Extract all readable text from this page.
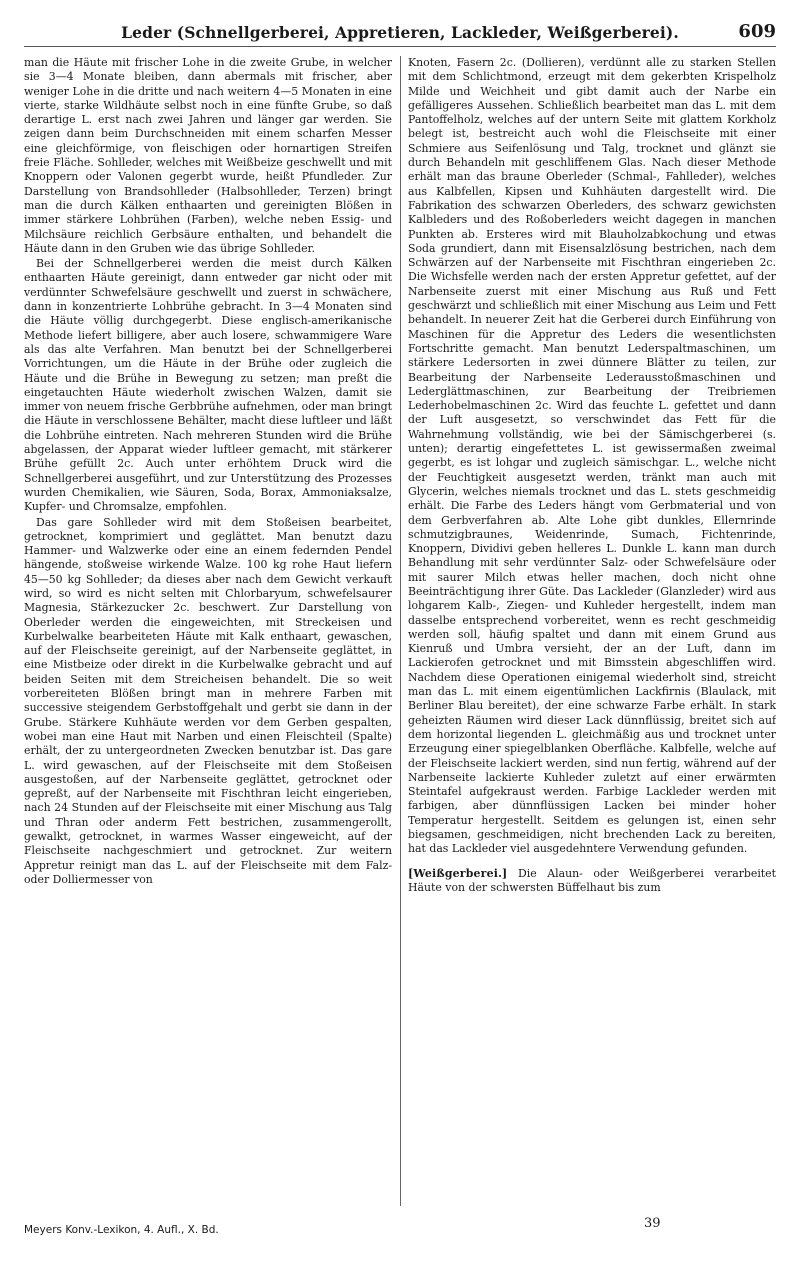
Leder (Schnellgerberei, Appretieren, Lackleder, Weißgerberei).	609

man die Häute mit frischer Lohe in die zweite Grube, in welcher sie 3—4 Monate bleiben, dann abermals mit frischer, aber weniger Lohe in die dritte und nach weitern 4—5 Monaten in eine vierte, starke Wildhäute selbst noch in eine fünfte Grube, so daß derartige L. erst nach zwei Jahren und länger gar werden. Sie zeigen dann beim Durchschneiden mit einem scharfen Messer eine gleichförmige, von fleischigen oder hornartigen Streifen freie Fläche. Sohlleder, welches mit Weißbeize geschwellt und mit Knoppern oder Valonen gegerbt wurde, heißt Pfundleder. Zur Darstellung von Brandsohlleder (Halbsohlleder, Terzen) bringt man die durch Kälken enthaarten und gereinigten Blößen in immer stärkere Lohbrühen (Farben), welche neben Essig- und Milchsäure reichlich Gerbsäure enthalten, und behandelt die Häute dann in den Gruben wie das übrige Sohlleder.

Bei der Schnellgerberei werden die meist durch Kälken enthaarten Häute gereinigt, dann entweder gar nicht oder mit verdünnter Schwefelsäure geschwellt und zuerst in schwächere, dann in konzentrierte Lohbrühe gebracht. In 3—4 Monaten sind die Häute völlig durchgegerbt. Diese englisch-amerikanische Methode liefert billigere, aber auch losere, schwammigere Ware als das alte Verfahren. Man benutzt bei der Schnellgerberei Vorrichtungen, um die Häute in der Brühe oder zugleich die Häute und die Brühe in Bewegung zu setzen; man preßt die eingetauchten Häute wiederholt zwischen Walzen, damit sie immer von neuem frische Gerbbrühe aufnehmen, oder man bringt die Häute in verschlossene Behälter, macht diese luftleer und läßt die Lohbrühe eintreten. Nach mehreren Stunden wird die Brühe abgelassen, der Apparat wieder luftleer gemacht, mit stärkerer Brühe gefüllt 2c. Auch unter erhöhtem Druck wird die Schnellgerberei ausgeführt, und zur Unterstützung des Prozesses wurden Chemikalien, wie Säuren, Soda, Borax, Ammoniaksalze, Kupfer- und Chromsalze, empfohlen.

Das gare Sohlleder wird mit dem Stoßeisen bearbeitet, getrocknet, komprimiert und geglättet. Man benutzt dazu Hammer- und Walzwerke oder eine an einem federnden Pendel hängende, stoßweise wirkende Walze. 100 kg rohe Haut liefern 45—50 kg Sohlleder; da dieses aber nach dem Gewicht verkauft wird, so wird es nicht selten mit Chlorbaryum, schwefelsaurer Magnesia, Stärkezucker 2c. beschwert. Zur Darstellung von Oberleder werden die eingeweichten, mit Streckeisen und Kurbelwalke bearbeiteten Häute mit Kalk enthaart, gewaschen, auf der Fleischseite gereinigt, auf der Narbenseite geglättet, in eine Mistbeize oder direkt in die Kurbelwalke gebracht und auf beiden Seiten mit dem Streicheisen behandelt. Die so weit vorbereiteten Blößen bringt man in mehrere Farben mit successive steigendem Gerbstoffgehalt und gerbt sie dann in der Grube. Stärkere Kuhhäute werden vor dem Gerben gespalten, wobei man eine Haut mit Narben und einen Fleischteil (Spalte) erhält, der zu untergeordneten Zwecken benutzbar ist. Das gare L. wird gewaschen, auf der Fleischseite mit dem Stoßeisen ausgestoßen, auf der Narbenseite geglättet, getrocknet oder gepreßt, auf der Narbenseite mit Fischthran leicht eingerieben, nach 24 Stunden auf der Fleischseite mit einer Mischung aus Talg und Thran oder anderm Fett bestrichen, zusammengerollt, gewalkt, getrocknet, in warmes Wasser eingeweicht, auf der Fleischseite nachgeschmiert und getrocknet. Zur weitern Appretur reinigt man das L. auf der Fleischseite mit dem Falz- oder Dolliermesser von

Knoten, Fasern 2c. (Dollieren), verdünnt alle zu starken Stellen mit dem Schlichtmond, erzeugt mit dem gekerbten Krispelholz Milde und Weichheit und gibt damit auch der Narbe ein gefälligeres Aussehen. Schließlich bearbeitet man das L. mit dem Pantoffelholz, welches auf der untern Seite mit glattem Korkholz belegt ist, bestreicht auch wohl die Fleischseite mit einer Schmiere aus Seifenlösung und Talg, trocknet und glänzt sie durch Behandeln mit geschliffenem Glas. Nach dieser Methode erhält man das braune Oberleder (Schmal-, Fahlleder), welches aus Kalbfellen, Kipsen und Kuhhäuten dargestellt wird. Die Fabrikation des schwarzen Oberleders, des schwarz gewichsten Kalbleders und des Roßoberleders weicht dagegen in manchen Punkten ab. Ersteres wird mit Blauholzabkochung und etwas Soda grundiert, dann mit Eisensalzlösung bestrichen, nach dem Schwärzen auf der Narbenseite mit Fischthran eingerieben 2c. Die Wichsfelle werden nach der ersten Appretur gefettet, auf der Narbenseite zuerst mit einer Mischung aus Ruß und Fett geschwärzt und schließlich mit einer Mischung aus Leim und Fett behandelt. In neuerer Zeit hat die Gerberei durch Einführung von Maschinen für die Appretur des Leders die wesentlichsten Fortschritte gemacht. Man benutzt Lederspaltmaschinen, um stärkere Ledersorten in zwei dünnere Blätter zu teilen, zur Bearbeitung der Narbenseite Lederausstoßmaschinen und Lederglättmaschinen, zur Bearbeitung der Treibriemen Lederhobelmaschinen 2c. Wird das feuchte L. gefettet und dann der Luft ausgesetzt, so verschwindet das Fett für die Wahrnehmung vollständig, wie bei der Sämischgerberei (s. unten); derartig eingefettetes L. ist gewissermaßen zweimal gegerbt, es ist lohgar und zugleich sämischgar. L., welche nicht der Feuchtigkeit ausgesetzt werden, tränkt man auch mit Glycerin, welches niemals trocknet und das L. stets geschmeidig erhält. Die Farbe des Leders hängt vom Gerbmaterial und von dem Gerbverfahren ab. Alte Lohe gibt dunkles, Ellernrinde schmutzigbraunes, Weidenrinde, Sumach, Fichtenrinde, Knoppern, Dividivi geben helleres L. Dunkle L. kann man durch Behandlung mit sehr verdünnter Salz- oder Schwefelsäure oder mit saurer Milch etwas heller machen, doch nicht ohne Beeinträchtigung ihrer Güte. Das Lackleder (Glanzleder) wird aus lohgarem Kalb-, Ziegen- und Kuhleder hergestellt, indem man dasselbe entsprechend vorbereitet, wenn es recht geschmeidig werden soll, häufig spaltet und dann mit einem Grund aus Kienruß und Umbra versieht, der an der Luft, dann im Lackierofen getrocknet und mit Bimsstein abgeschliffen wird. Nachdem diese Operationen einigemal wiederholt sind, streicht man das L. mit einem eigentümlichen Lackfirnis (Blaulack, mit Berliner Blau bereitet), der eine schwarze Farbe erhält. In stark geheizten Räumen wird dieser Lack dünnflüssig, breitet sich auf dem horizontal liegenden L. gleichmäßig aus und trocknet unter Erzeugung einer spiegelblanken Oberfläche. Kalbfelle, welche auf der Fleischseite lackiert werden, sind nun fertig, während auf der Narbenseite lackierte Kuhleder zuletzt auf einer erwärmten Steintafel aufgekraust werden. Farbige Lackleder werden mit farbigen, aber dünnflüssigen Lacken bei minder hoher Temperatur hergestellt. Seitdem es gelungen ist, einen sehr biegsamen, geschmeidigen, nicht brechenden Lack zu bereiten, hat das Lackleder viel ausgedehntere Verwendung gefunden.

[Weißgerberei.] Die Alaun- oder Weißgerberei verarbeitet Häute von der schwersten Büffelhaut bis zum

Meyers Konv.-Lexikon, 4. Aufl., X. Bd.	39
